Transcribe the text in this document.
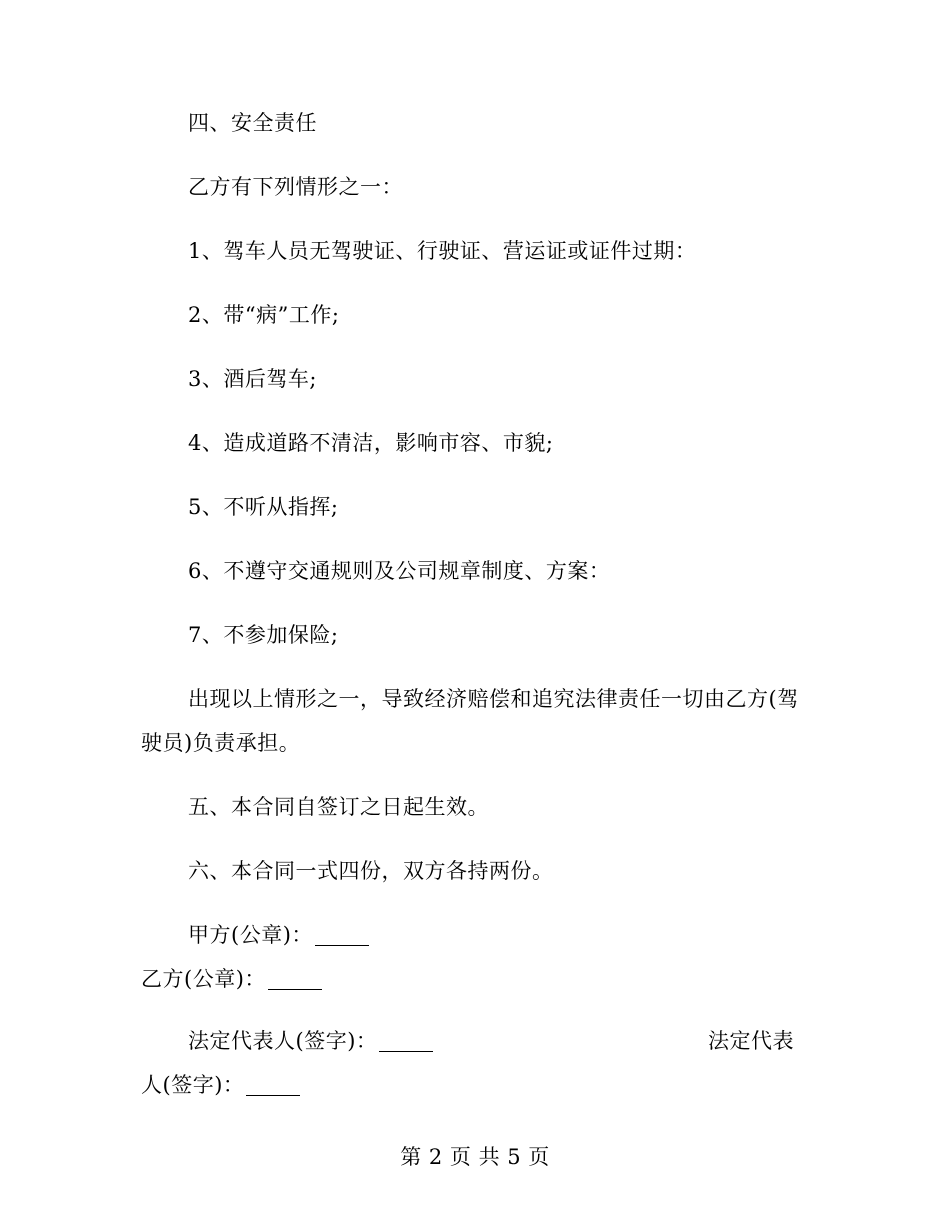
四、安全责任
乙方有下列情形之一：
1、驾车人员无驾驶证、行驶证、营运证或证件过期：
2、带“病”工作;
3、酒后驾车;
4、造成道路不清洁，影响市容、市貌;
5、不听从指挥;
6、不遵守交通规则及公司规章制度、方案：
7、不参加保险;
出现以上情形之一，导致经济赔偿和追究法律责任一切由乙方(驾
驶员)负责承担。
五、本合同自签订之日起生效。
六、本合同一式四份，双方各持两份。
甲方(公章)：
乙方(公章)：
法定代表人(签字)：	法定代表
人(签字)：
第 2 页 共 5 页
